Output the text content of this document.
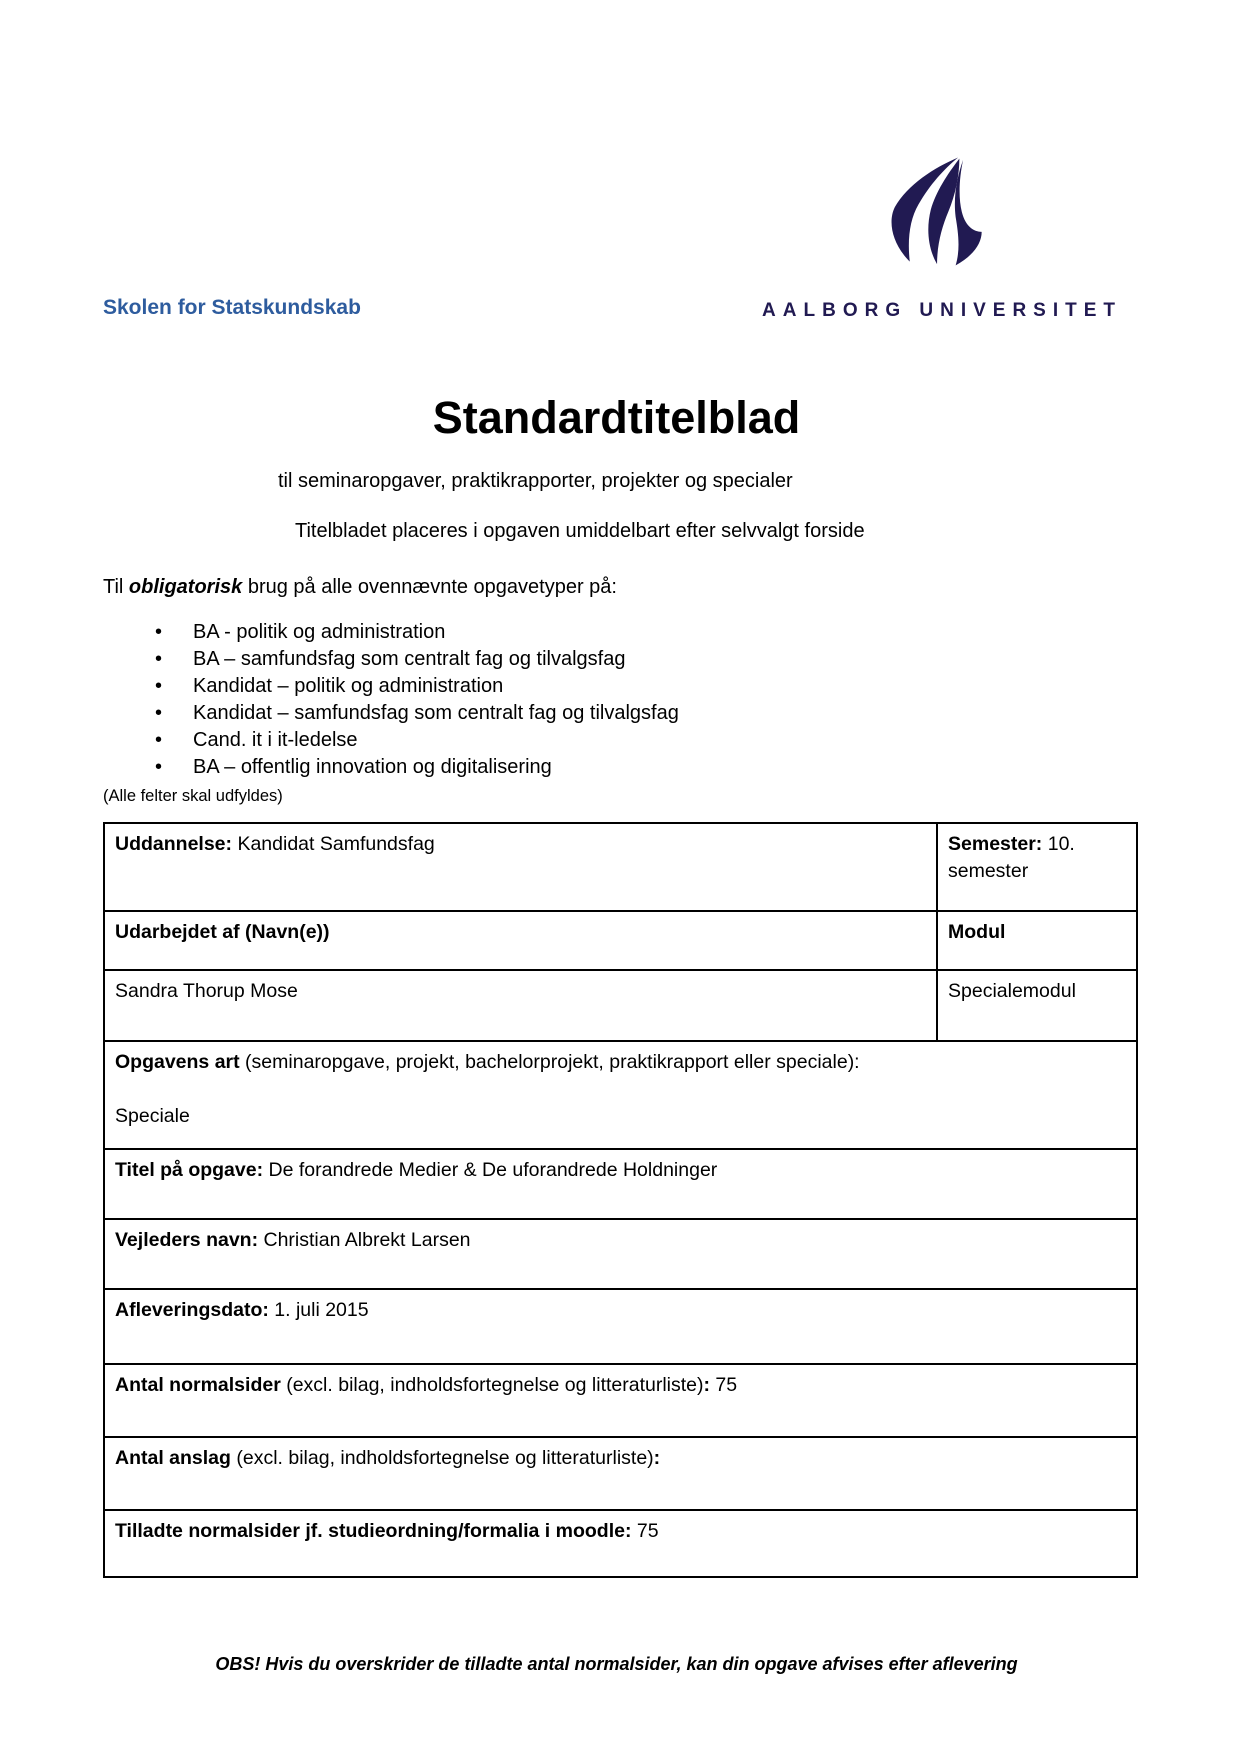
Skolen for Statskundskab	AALBORG UNIVERSITET
Standardtitelblad

til seminaropgaver, praktikrapporter, projekter og specialer

Titelbladet placeres i opgaven umiddelbart efter selvvalgt forside

Til obligatorisk brug på alle ovennævnte opgavetyper på:

• BA - politik og administration
• BA – samfundsfag som centralt fag og tilvalgsfag
• Kandidat – politik og administration
• Kandidat – samfundsfag som centralt fag og tilvalgsfag
• Cand. it i it-ledelse
• BA – offentlig innovation og digitalisering

(Alle felter skal udfyldes)

Uddannelse: Kandidat Samfundsfag	Semester: 10. semester
Udarbejdet af (Navn(e))	Modul
Sandra Thorup Mose	Specialemodul
Opgavens art (seminaropgave, projekt, bachelorprojekt, praktikrapport eller speciale):
Speciale	

Titel på opgave: De forandrede Medier & De uforandrede Holdninger	
Vejleders navn: Christian Albrekt Larsen	
Afleveringsdato: 1. juli 2015	
Antal normalsider (excl. bilag, indholdsfortegnelse og litteraturliste): 75	
Antal anslag (excl. bilag, indholdsfortegnelse og litteraturliste):	
Tilladte normalsider jf. studieordning/formalia i moodle: 75	

OBS! Hvis du overskrider de tilladte antal normalsider, kan din opgave afvises efter aflevering
